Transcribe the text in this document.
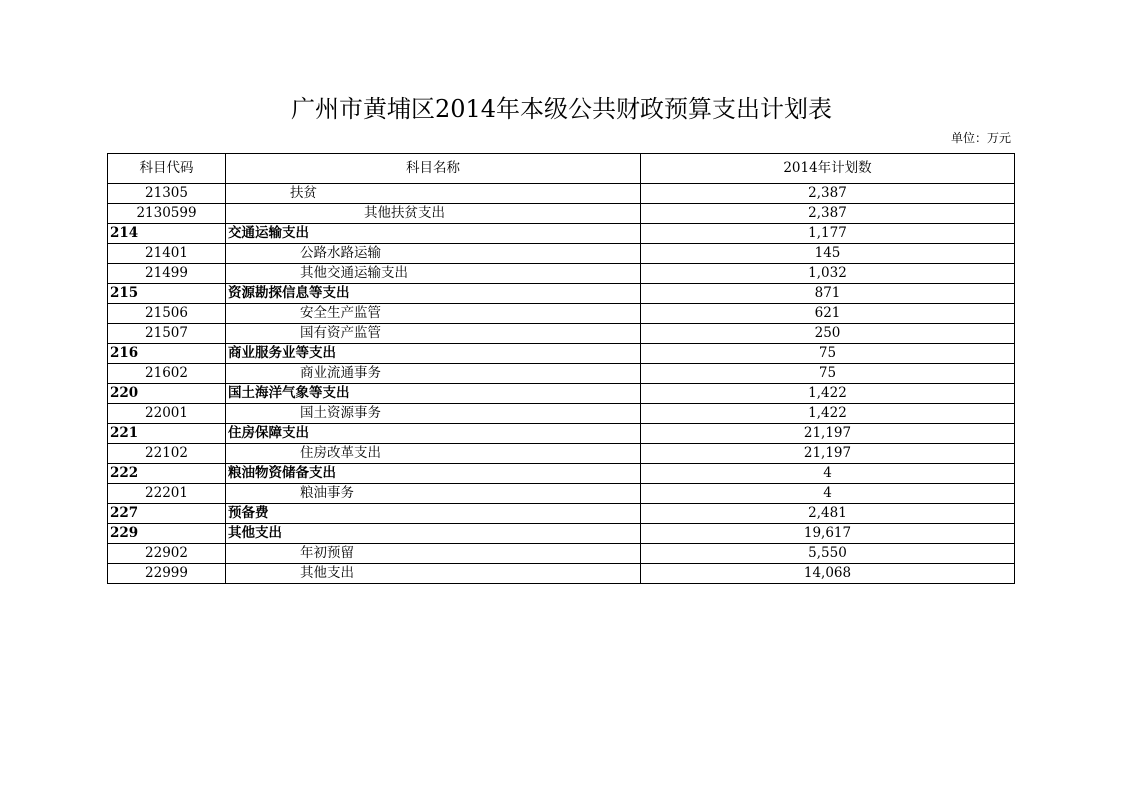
广州市黄埔区2014年本级公共财政预算支出计划表
单位：万元
科目代码	科目名称	2014年计划数
21305	扶贫	2,387
2130599	其他扶贫支出	2,387
214	交通运输支出	1,177
21401	公路水路运输	145
21499	其他交通运输支出	1,032
215	资源勘探信息等支出	871
21506	安全生产监管	621
21507	国有资产监管	250
216	商业服务业等支出	75
21602	商业流通事务	75
220	国土海洋气象等支出	1,422
22001	国土资源事务	1,422
221	住房保障支出	21,197
22102	住房改革支出	21,197
222	粮油物资储备支出	4
22201	粮油事务	4
227	预备费	2,481
229	其他支出	19,617
22902	年初预留	5,550
22999	其他支出	14,068
